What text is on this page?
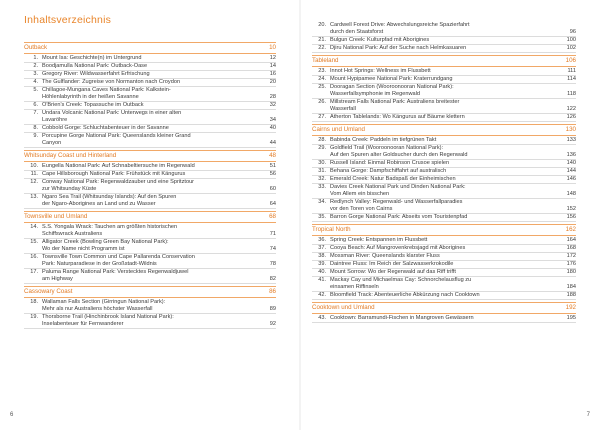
Inhaltsverzeichnis
Outback	10
1. Mount Isa: Geschichte(n) im Untergrund	12
2. Boodjamulla National Park: Outback-Oase	14
3. Gregory River: Wildwasserfahrt Erfrischung	16
4. The Gulflander: Zugreise von Normanton nach Croydon	20
5. Chillagoe-Mungana Caves National Park: Kalkstein-
Höhlenlabyrinth in der heißen Savanne	28
6. O'Brien's Creek: Topassuche im Outback	32
7. Undara Volcanic National Park: Unterwegs in einer alten
Lavaröhre	34
8. Cobbold Gorge: Schluchtabenteuer in der Savanne	40
9. Porcupine Gorge National Park: Queenslands kleiner Grand
Canyon	44
Whitsunday Coast und Hinterland	48
10. Eungella National Park: Auf Schnabeltiersuche im Regenwald	51
11. Cape Hillsborough National Park: Frühstück mit Kängurus	56
12. Conway National Park: Regenwaldzauber und eine Spritztour
zur Whitsunday Küste	60
13. Ngaro Sea Trail (Whitsunday Islands): Auf den Spuren
der Ngaro-Aborigines an Land und zu Wasser	64
Townsville und Umland	68
14. S.S. Yongala Wrack: Tauchen am größten historischen
Schiffswrack Australiens	71
15. Alligator Creek (Bowling Green Bay National Park):
Wo der Name nicht Programm ist	74
16. Townsville Town Common und Cape Pallarenda Conservation
Park: Naturparadiese in der Großstadt-Wildnis	78
17. Paluma Range National Park: Verstecktes Regenwaldjuwel
am Highway	82
Cassowary Coast	86
18. Wallaman Falls Section (Girringun National Park):
Mehr als nur Australiens höchster Wasserfall	89
19. Thorsborne Trail (Hinchinbrook Island National Park):
Inselabenteuer für Fernwanderer	92
6
20. Cardwell Forest Drive: Abwechslungsreiche Spazierfahrt
durch den Staatsforst	96
21. Bulgun Creek: Kulturpfad mit Aborigines	100
22. Djiru National Park: Auf der Suche nach Helmkasuaren	102
Tableland	106
23. Innot Hot Springs: Wellness im Flussbett	111
24. Mount Hypipamee National Park: Kraterrundgang	114
25. Dooragan Section (Wooroonooran National Park):
Wasserfallsymphonie im Regenwald	118
26. Millstream Falls National Park: Australiens breitester
Wasserfall	122
27. Atherton Tablelands: Wo Kängurus auf Bäume klettern	126
Cairns und Umland	130
28. Babinda Creek: Paddeln im tiefgrünen Takt	133
29. Goldfield Trail (Wooroonooran National Park):
Auf den Spuren alter Goldsucher durch den Regenwald	136
30. Russell Island: Einmal Robinson Crusoe spielen	140
31. Behana Gorge: Dampfschiffahrt auf australisch	144
32. Emerald Creek: Natur Badspaß der Einheimischen	146
33. Davies Creek National Park und Dinden National Park:
Vom Allem ein bisschen	148
34. Redlynch Valley: Regenwald- und Wasserfallparadies
vor den Toren von Cairns	152
35. Barron Gorge National Park: Abseits vom Touristenpfad	156
Tropical North	162
36. Spring Creek: Entspannen im Flussbett	164
37. Cooya Beach: Auf Mangrovenkrebsjagd mit Aborigines	168
38. Mossman River: Queenslands klarster Fluss	172
39. Daintree Fluss: Im Reich der Salzwasserkrokodile	176
40. Mount Sorrow: Wo der Regenwald auf das Riff trifft	180
41. Mackay Cay und Michaelmas Cay: Schnorchelausflug zu
einsamen Riffinseln	184
42. Bloomfield Track: Abenteuerliche Abkürzung nach Cooktown	188
Cooktown und Umland	192
43. Cooktown: Barramundi-Fischen in Mangroven Gewässern	195
7
